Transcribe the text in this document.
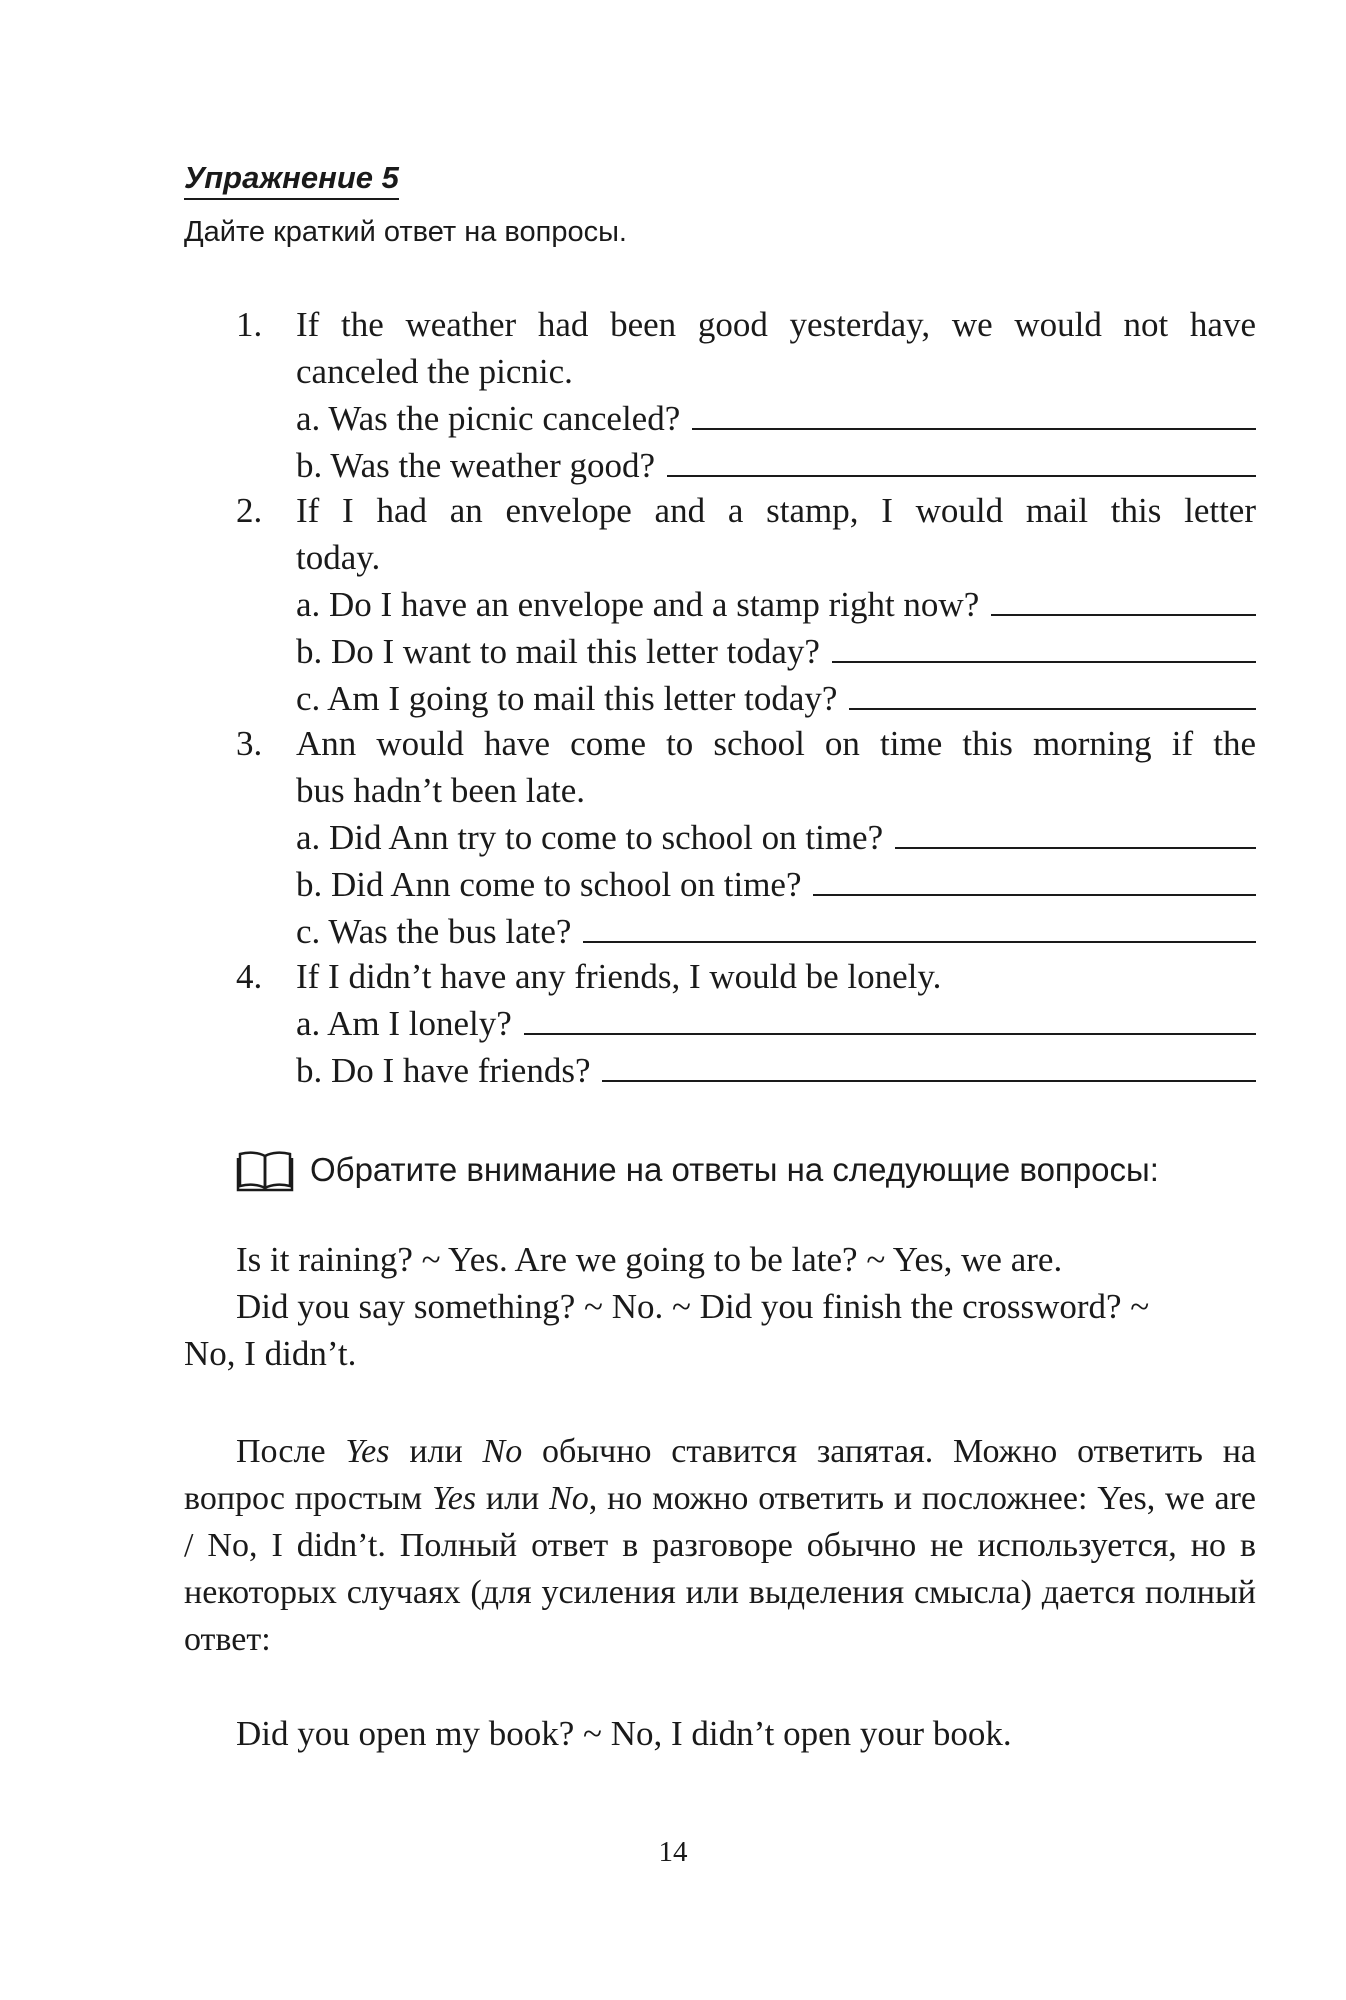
Упражнение 5
Дайте краткий ответ на вопросы.
1. If the weather had been good yesterday, we would not have
canceled the picnic.
a. Was the picnic canceled?
b. Was the weather good?
2. If I had an envelope and a stamp, I would mail this letter
today.
a. Do I have an envelope and a stamp right now?
b. Do I want to mail this letter today?
c. Am I going to mail this letter today?
3. Ann would have come to school on time this morning if the
bus hadn’t been late.
a. Did Ann try to come to school on time?
b. Did Ann come to school on time?
c. Was the bus late?
4. If I didn’t have any friends, I would be lonely.
a. Am I lonely?
b. Do I have friends?
Обратите внимание на ответы на следующие вопросы:
Is it raining? ~ Yes. Are we going to be late? ~ Yes, we are.
Did you say something? ~ No. ~ Did you finish the crossword? ~
No, I didn’t.
После Yes или No обычно ставится запятая. Можно ответить на вопрос простым Yes или No, но можно ответить и посложнее: Yes, we are / No, I didn’t. Полный ответ в разговоре обычно не используется, но в некоторых случаях (для усиления или выделения смысла) дается полный ответ:
Did you open my book? ~ No, I didn’t open your book.
14
